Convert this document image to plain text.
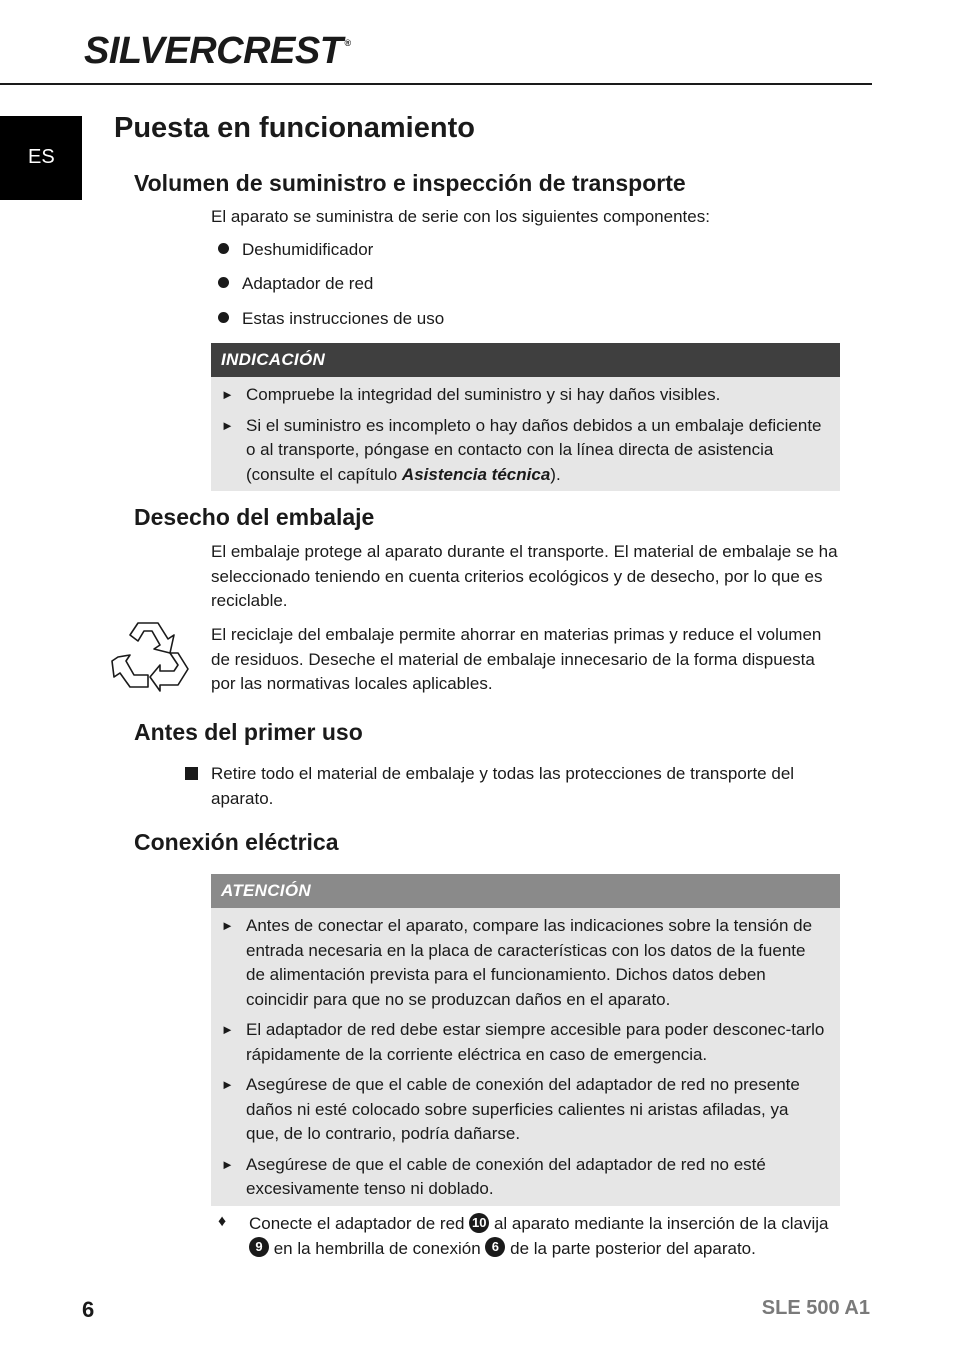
SILVERCREST ®
ES
Puesta en funcionamiento
Volumen de suministro e inspección de transporte
El aparato se suministra de serie con los siguientes componentes:
Deshumidificador
Adaptador de red
Estas instrucciones de uso
INDICACIÓN
► Compruebe la integridad del suministro y si hay daños visibles.
► Si el suministro es incompleto o hay daños debidos a un embalaje deficiente o al transporte, póngase en contacto con la línea directa de asistencia (consulte el capítulo Asistencia técnica).
Desecho del embalaje
El embalaje protege al aparato durante el transporte. El material de embalaje se ha seleccionado teniendo en cuenta criterios ecológicos y de desecho, por lo que es reciclable.
El reciclaje del embalaje permite ahorrar en materias primas y reduce el volumen de residuos. Deseche el material de embalaje innecesario de la forma dispuesta por las normativas locales aplicables.
Antes del primer uso
Retire todo el material de embalaje y todas las protecciones de transporte del aparato.
Conexión eléctrica
ATENCIÓN
► Antes de conectar el aparato, compare las indicaciones sobre la tensión de entrada necesaria en la placa de características con los datos de la fuente de alimentación prevista para el funcionamiento. Dichos datos deben coincidir para que no se produzcan daños en el aparato.
► El adaptador de red debe estar siempre accesible para poder desconec-tarlo rápidamente de la corriente eléctrica en caso de emergencia.
► Asegúrese de que el cable de conexión del adaptador de red no presente daños ni esté colocado sobre superficies calientes ni aristas afiladas, ya que, de lo contrario, podría dañarse.
► Asegúrese de que el cable de conexión del adaptador de red no esté excesivamente tenso ni doblado.
♦ Conecte el adaptador de red 10 al aparato mediante la inserción de la clavija 9 en la hembrilla de conexión 6 de la parte posterior del aparato.
6	SLE 500 A1
